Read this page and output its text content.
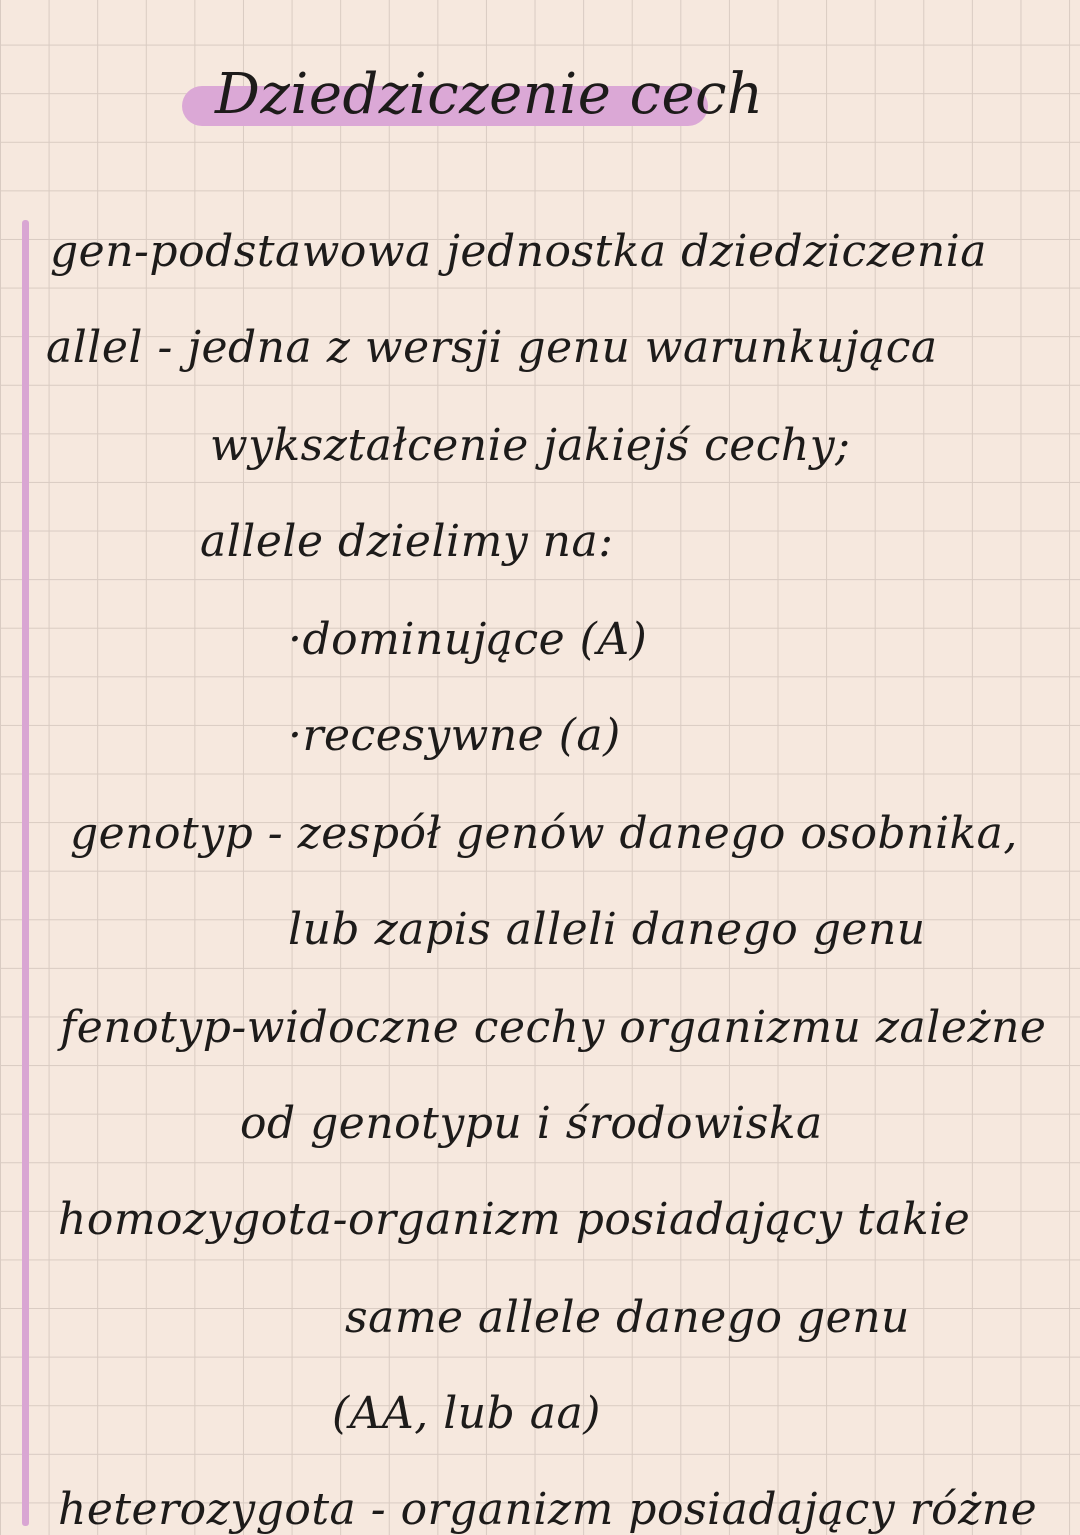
Dziedziczenie cech
gen-podstawowa jednostka dziedziczenia
allel - jedna z wersji genu warunkująca
wykształcenie jakiejś cechy;
allele dzielimy na:
·dominujące (A)
·recesywne (a)
genotyp - zespół genów danego osobnika,
lub zapis alleli danego genu
fenotyp-widoczne cechy organizmu zależne
od genotypu i środowiska
homozygota-organizm posiadający takie
same allele danego genu
(AA, lub aa)
heterozygota - organizm posiadający różne
